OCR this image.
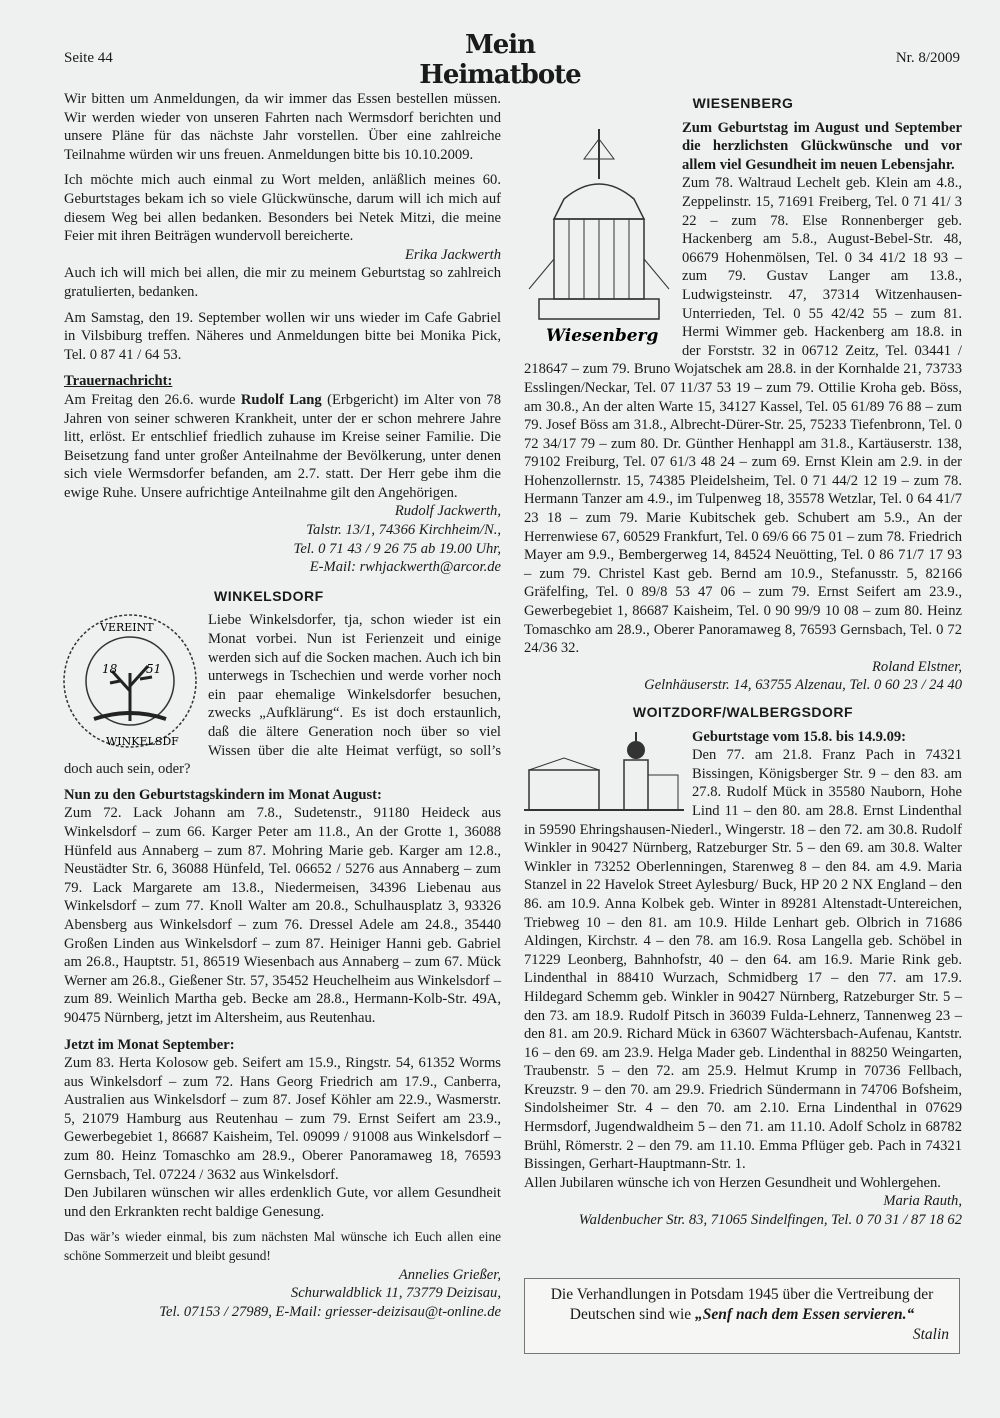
Seite 44	Mein Heimatbote
Nr. 8/2009

Wir bitten um Anmeldungen, da wir immer das Essen bestellen müssen. Wir werden wieder von unseren Fahrten nach Wermsdorf berichten und unsere Pläne für das nächste Jahr vorstellen. Über eine zahlreiche Teilnahme würden wir uns freuen. Anmeldungen bitte bis 10.10.2009.

Ich möchte mich auch einmal zu Wort melden, anläßlich meines 60. Geburtstages bekam ich so viele Glückwünsche, darum will ich mich auf diesem Weg bei allen bedanken. Besonders bei Netek Mitzi, die meine Feier mit ihren Beiträgen wundervoll bereicherte.

Erika Jackwerth

Auch ich will mich bei allen, die mir zu meinem Geburtstag so zahlreich gratulierten, bedanken.

Am Samstag, den 19. September wollen wir uns wieder im Cafe Gabriel in Vilsbiburg treffen. Näheres und Anmeldungen bitte bei Monika Pick, Tel. 0 87 41 / 64 53.

Trauernachricht:

Am Freitag den 26.6. wurde Rudolf Lang (Erbgericht) im Alter von 78 Jahren von seiner schweren Krankheit, unter der er schon mehrere Jahre litt, erlöst. Er entschlief friedlich zuhause im Kreise seiner Familie. Die Beisetzung fand unter großer Anteilnahme der Bevölkerung, unter denen sich viele Wermsdorfer befanden, am 2.7. statt. Der Herr gebe ihm die ewige Ruhe. Unsere aufrichtige Anteilnahme gilt den Angehörigen.

Rudolf Jackwerth,

Talstr. 13/1, 74366 Kirchheim/N.,

Tel. 0 71 43 / 9 26 75 ab 19.00 Uhr,

E-Mail: rwhjackwerth@arcor.de

WINKELSDORF
18 51
VEREINT
WINKELSDF

Liebe Winkelsdorfer, tja, schon wieder ist ein Monat vorbei. Nun ist Ferienzeit und einige werden sich auf die Socken machen. Auch ich bin unterwegs in Tschechien und werde vorher noch ein paar ehemalige Winkelsdorfer besuchen, zwecks „Aufklärung“. Es ist doch erstaunlich, daß die ältere Generation noch über so viel Wissen über die alte Heimat verfügt, so soll’s doch auch sein, oder?

Nun zu den Geburtstagskindern im Monat August:

Zum 72. Lack Johann am 7.8., Sudetenstr., 91180 Heideck aus Winkelsdorf – zum 66. Karger Peter am 11.8., An der Grotte 1, 36088 Hünfeld aus Annaberg – zum 87. Mohring Marie geb. Karger am 12.8., Neustädter Str. 6, 36088 Hünfeld, Tel. 06652 / 5276 aus Annaberg – zum 79. Lack Margarete am 13.8., Niedermeisen, 34396 Liebenau aus Winkelsdorf – zum 77. Knoll Walter am 20.8., Schulhausplatz 3, 93326 Abensberg aus Winkelsdorf – zum 76. Dressel Adele am 24.8., 35440 Großen Linden aus Winkelsdorf – zum 87. Heiniger Hanni geb. Gabriel am 26.8., Hauptstr. 51, 86519 Wiesenbach aus Annaberg – zum 67. Mück Werner am 26.8., Gießener Str. 57, 35452 Heuchelheim aus Winkelsdorf – zum 89. Weinlich Martha geb. Becke am 28.8., Hermann-Kolb-Str. 49A, 90475 Nürnberg, jetzt im Altersheim, aus Reutenhau.

Jetzt im Monat September:

Zum 83. Herta Kolosow geb. Seifert am 15.9., Ringstr. 54, 61352 Worms aus Winkelsdorf – zum 72. Hans Georg Friedrich am 17.9., Canberra, Australien aus Winkelsdorf – zum 87. Josef Köhler am 22.9., Wasmerstr. 5, 21079 Hamburg aus Reutenhau – zum 79. Ernst Seifert am 23.9., Gewerbegebiet 1, 86687 Kaisheim, Tel. 09099 / 91008 aus Winkelsdorf – zum 80. Heinz Tomaschko am 28.9., Oberer Panoramaweg 18, 76593 Gernsbach, Tel. 07224 / 3632 aus Winkelsdorf.

Den Jubilaren wünschen wir alles erdenklich Gute, vor allem Gesundheit und den Erkrankten recht baldige Genesung.

Das wär’s wieder einmal, bis zum nächsten Mal wünsche ich Euch allen eine schöne Sommerzeit und bleibt gesund!

Annelies Grießer,

Schurwaldblick 11, 73779 Deizisau,

Tel. 07153 / 27989, E-Mail: griesser-deizisau@t-online.de

WIESENBERG
Wiesenberg

Zum Geburtstag im August und September die herzlichsten Glückwünsche und vor allem viel Gesundheit im neuen Lebensjahr.

Zum 78. Waltraud Lechelt geb. Klein am 4.8., Zeppelinstr. 15, 71691 Freiberg, Tel. 0 71 41/ 3 22 – zum 78. Else Ronnenberger geb. Hackenberg am 5.8., August-Bebel-Str. 48, 06679 Hohenmölsen, Tel. 0 34 41/2 18 93 – zum 79. Gustav Langer am 13.8., Ludwigsteinstr. 47, 37314 Witzenhausen-Unterrieden, Tel. 0 55 42/42 55 – zum 81. Hermi Wimmer geb. Hackenberg am 18.8. in der Forststr. 32 in 06712 Zeitz, Tel. 03441 / 218647 – zum 79. Bruno Wojatschek am 28.8. in der Kornhalde 21, 73733 Esslingen/Neckar, Tel. 07 11/37 53 19 – zum 79. Ottilie Kroha geb. Böss, am 30.8., An der alten Warte 15, 34127 Kassel, Tel. 05 61/89 76 88 – zum 79. Josef Böss am 31.8., Albrecht-Dürer-Str. 25, 75233 Tiefenbronn, Tel. 0 72 34/17 79 – zum 80. Dr. Günther Henhappl am 31.8., Kartäuserstr. 138, 79102 Freiburg, Tel. 07 61/3 48 24 – zum 69. Ernst Klein am 2.9. in der Hohenzollernstr. 15, 74385 Pleidelsheim, Tel. 0 71 44/2 12 19 – zum 78. Hermann Tanzer am 4.9., im Tulpenweg 18, 35578 Wetzlar, Tel. 0 64 41/7 23 18 – zum 79. Marie Kubitschek geb. Schubert am 5.9., An der Herrenwiese 67, 60529 Frankfurt, Tel. 0 69/6 66 75 01 – zum 78. Friedrich Mayer am 9.9., Bembergerweg 14, 84524 Neuötting, Tel. 0 86 71/7 17 93 – zum 79. Christel Kast geb. Bernd am 10.9., Stefanusstr. 5, 82166 Gräfelfing, Tel. 0 89/8 53 47 06 – zum 79. Ernst Seifert am 23.9., Gewerbegebiet 1, 86687 Kaisheim, Tel. 0 90 99/9 10 08 – zum 80. Heinz Tomaschko am 28.9., Oberer Panoramaweg 8, 76593 Gernsbach, Tel. 0 72 24/36 32.

Roland Elstner,

Gelnhäuserstr. 14, 63755 Alzenau, Tel. 0 60 23 / 24 40

WOITZDORF/WALBERGSDORF
Geburtstage vom 15.8. bis 14.9.09:

Den 77. am 21.8. Franz Pach in 74321 Bissingen, Königsberger Str. 9 – den 83. am 27.8. Rudolf Mück in 35580 Nauborn, Hohe Lind 11 – den 80. am 28.8. Ernst Lindenthal in 59590 Ehringshausen-Niederl., Wingerstr. 18 – den 72. am 30.8. Rudolf Winkler in 90427 Nürnberg, Ratzeburger Str. 5 – den 69. am 30.8. Walter Winkler in 73252 Oberlenningen, Starenweg 8 – den 84. am 4.9. Maria Stanzel in 22 Havelok Street Aylesburg/ Buck, HP 20 2 NX England – den 86. am 10.9. Anna Kolbek geb. Winter in 89281 Altenstadt-Untereichen, Triebweg 10 – den 81. am 10.9. Hilde Lenhart geb. Olbrich in 71686 Aldingen, Kirchstr. 4 – den 78. am 16.9. Rosa Langella geb. Schöbel in 71229 Leonberg, Bahnhofstr, 40 – den 64. am 16.9. Marie Rink geb. Lindenthal in 88410 Wurzach, Schmidberg 17 – den 77. am 17.9. Hildegard Schemm geb. Winkler in 90427 Nürnberg, Ratzeburger Str. 5 – den 73. am 18.9. Rudolf Pitsch in 36039 Fulda-Lehnerz, Tannenweg 23 – den 81. am 20.9. Richard Mück in 63607 Wächtersbach-Aufenau, Kantstr. 16 – den 69. am 23.9. Helga Mader geb. Lindenthal in 88250 Weingarten, Traubenstr. 5 – den 72. am 25.9. Helmut Krump in 70736 Fellbach, Kreuzstr. 9 – den 70. am 29.9. Friedrich Sündermann in 74706 Bofsheim, Sindolsheimer Str. 4 – den 70. am 2.10. Erna Lindenthal in 07629 Hermsdorf, Jugendwaldheim 5 – den 71. am 11.10. Adolf Scholz in 68782 Brühl, Römerstr. 2 – den 79. am 11.10. Emma Pflüger geb. Pach in 74321 Bissingen, Gerhart-Hauptmann-Str. 1.

Allen Jubilaren wünsche ich von Herzen Gesundheit und Wohlergehen.

Maria Rauth,

Waldenbucher Str. 83, 71065 Sindelfingen, Tel. 0 70 31 / 87 18 62

Die Verhandlungen in Potsdam 1945 über die Vertreibung der Deutschen sind wie „Senf nach dem Essen servieren.“
Stalin
